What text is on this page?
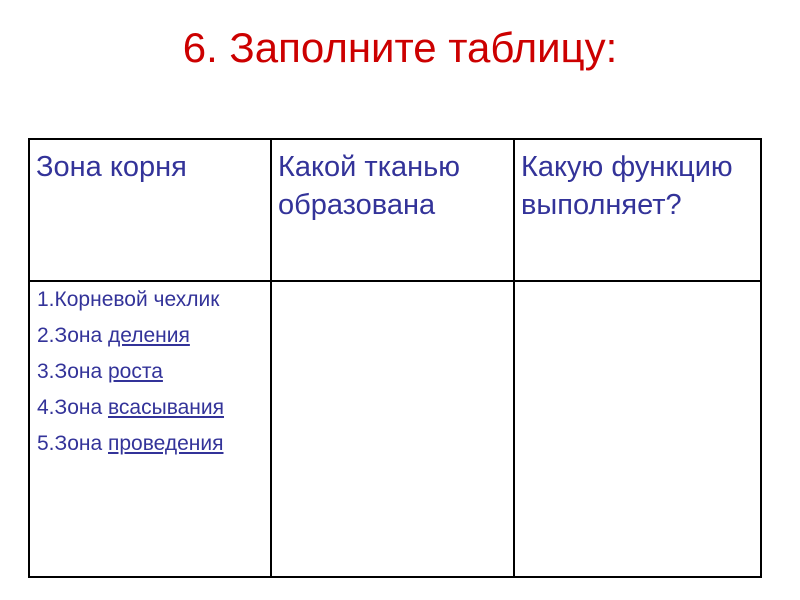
6. Заполните таблицу:
Зона корня	Какой тканью образована	Какую функцию выполняет?

1.Корневой чехлик
2.Зона деления
3.Зона роста
4.Зона всасывания
5.Зона проведения		
